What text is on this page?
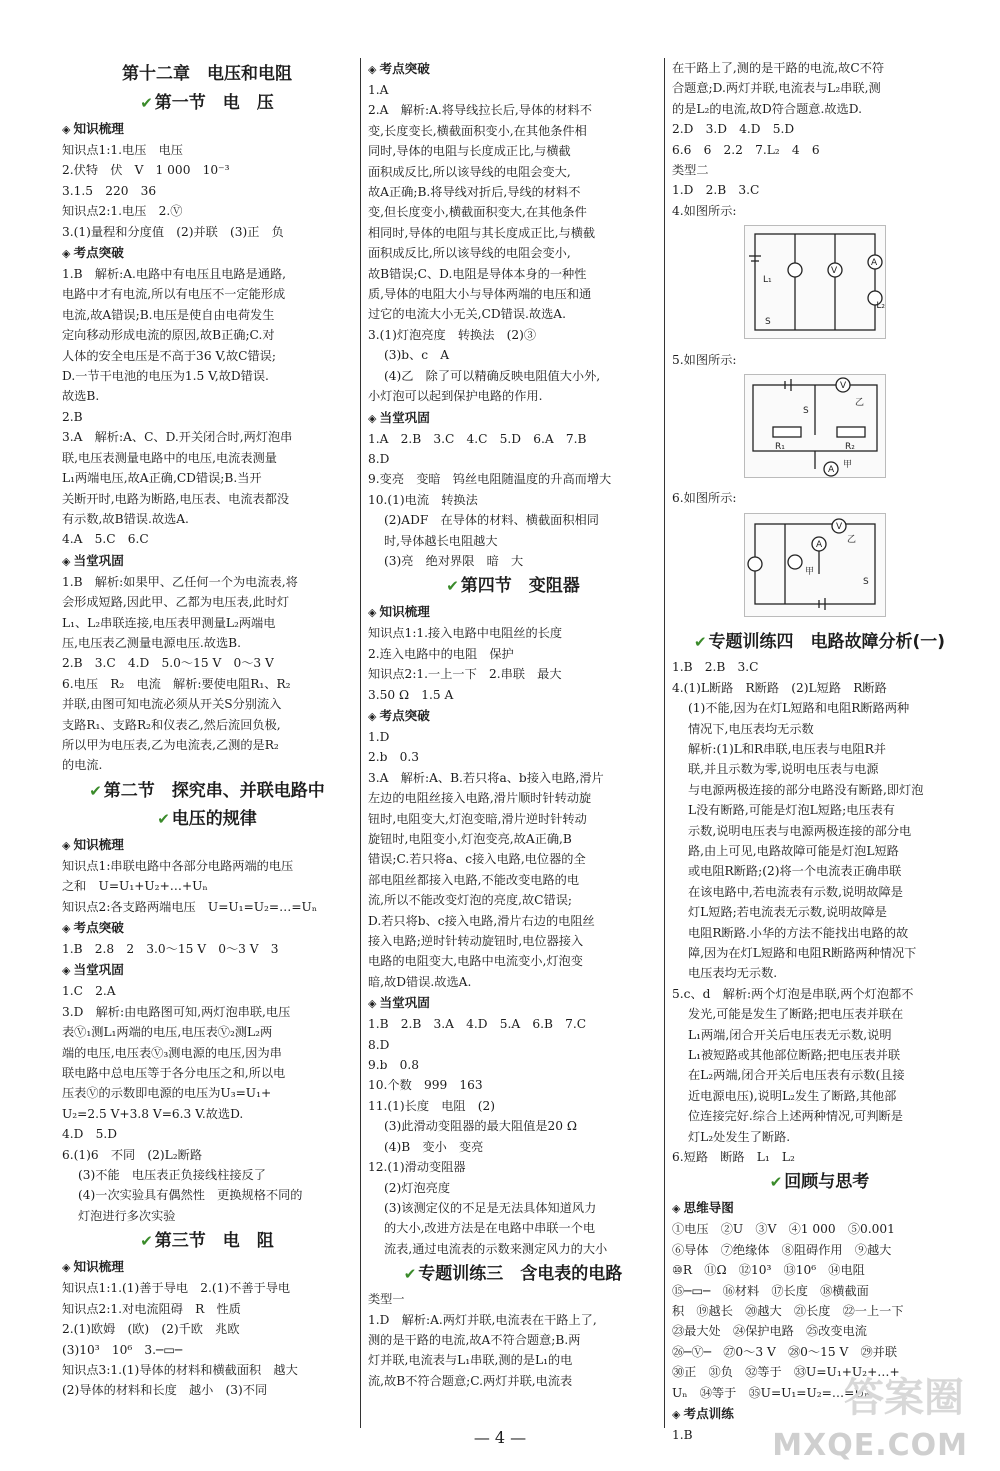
第十二章　电压和电阻
✔ 第一节　电　压
◈ 知识梳理
知识点1:1.电压　电压
2.伏特　伏　V　1 000　10⁻³
3.1.5　220　36
知识点2:1.电压　2.Ⓥ
3.(1)量程和分度值　(2)并联　(3)正　负
◈ 考点突破
1.B　解析:A.电路中有电压且电路是通路,
电路中才有电流,所以有电压不一定能形成
电流,故A错误;B.电压是使自由电荷发生
定向移动形成电流的原因,故B正确;C.对
人体的安全电压是不高于36 V,故C错误;
D.一节干电池的电压为1.5 V,故D错误.
故选B.
2.B
3.A　解析:A、C、D.开关闭合时,两灯泡串
联,电压表测量电路中的电压,电流表测量
L₁两端电压,故A正确,CD错误;B.当开
关断开时,电路为断路,电压表、电流表都没
有示数,故B错误.故选A.
4.A　5.C　6.C
◈ 当堂巩固
1.B　解析:如果甲、乙任何一个为电流表,将
会形成短路,因此甲、乙都为电压表,此时灯
L₁、L₂串联连接,电压表甲测量L₂两端电
压,电压表乙测量电源电压.故选B.
2.B　3.C　4.D　5.0～15 V　0～3 V
6.电压　R₂　电流　解析:要使电阻R₁、R₂
并联,由图可知电流必须从开关S分别流入
支路R₁、支路R₂和仪表乙,然后流回负极,
所以甲为电压表,乙为电流表,乙测的是R₂
的电流.
✔ 第二节　探究串、并联电路中
✔ 电压的规律
◈ 知识梳理
知识点1:串联电路中各部分电路两端的电压
之和　U=U₁+U₂+…+Uₙ
知识点2:各支路两端电压　U=U₁=U₂=…=Uₙ
◈ 考点突破
1.B　2.8　2　3.0～15 V　0～3 V　3
◈ 当堂巩固
1.C　2.A
3.D　解析:由电路图可知,两灯泡串联,电压
表Ⓥ₁测L₁两端的电压,电压表Ⓥ₂测L₂两
端的电压,电压表Ⓥ₃测电源的电压,因为串
联电路中总电压等于各分电压之和,所以电
压表Ⓥ的示数即电源的电压为U₃=U₁+
U₂=2.5 V+3.8 V=6.3 V.故选D.
4.D　5.D
6.(1)6　不同　(2)L₂断路
(3)不能　电压表正负接线柱接反了
(4)一次实验具有偶然性　更换规格不同的
灯泡进行多次实验
✔ 第三节　电　阻
◈ 知识梳理
知识点1:1.(1)善于导电　2.(1)不善于导电
知识点2:1.对电流阻碍　R　性质
2.(1)欧姆　(欧)　(2)千欧　兆欧
(3)10³　10⁶　3.─▭─
知识点3:1.(1)导体的材料和横截面积　越大
(2)导体的材料和长度　越小　(3)不同
◈ 考点突破
1.A
2.A　解析:A.将导线拉长后,导体的材料不
变,长度变长,横截面积变小,在其他条件相
同时,导体的电阻与长度成正比,与横截
面积成反比,所以该导线的电阻会变大,
故A正确;B.将导线对折后,导线的材料不
变,但长度变小,横截面积变大,在其他条件
相同时,导体的电阻与其长度成正比,与横截
面积成反比,所以该导线的电阻会变小,
故B错误;C、D.电阻是导体本身的一种性
质,导体的电阻大小与导体两端的电压和通
过它的电流大小无关,CD错误.故选A.
3.(1)灯泡亮度　转换法　(2)③
(3)b、c　A
(4)乙　除了可以精确反映电阻值大小外,
小灯泡可以起到保护电路的作用.
◈ 当堂巩固
1.A　2.B　3.C　4.C　5.D　6.A　7.B
8.D
9.变亮　变暗　钨丝电阻随温度的升高而增大
10.(1)电流　转换法
(2)ADF　在导体的材料、横截面积相同
时,导体越长电阻越大
(3)亮　绝对界限　暗　大
✔ 第四节　变阻器
◈ 知识梳理
知识点1:1.接入电路中电阻丝的长度
2.连入电路中的电阻　保护
知识点2:1.一上一下　2.串联　最大
3.50 Ω　1.5 A
◈ 考点突破
1.D
2.b　0.3
3.A　解析:A、B.若只将a、b接入电路,滑片
左边的电阻丝接入电路,滑片顺时针转动旋
钮时,电阻变大,灯泡变暗,滑片逆时针转动
旋钮时,电阻变小,灯泡变亮,故A正确,B
错误;C.若只将a、c接入电路,电位器的全
部电阻丝都接入电路,不能改变电路的电
流,所以不能改变灯泡的亮度,故C错误;
D.若只将b、c接入电路,滑片右边的电阻丝
接入电路;逆时针转动旋钮时,电位器接入
电路的电阻变大,电路中电流变小,灯泡变
暗,故D错误.故选A.
◈ 当堂巩固
1.B　2.B　3.A　4.D　5.A　6.B　7.C
8.D
9.b　0.8
10.个数　999　163
11.(1)长度　电阻　(2)
(3)此滑动变阻器的最大阻值是20 Ω
(4)B　变小　变亮
12.(1)滑动变阻器
(2)灯泡亮度
(3)该测定仪的不足是无法具体知道风力
的大小,改进方法是在电路中串联一个电
流表,通过电流表的示数来测定风力的大小
✔ 专题训练三　含电表的电路
类型一
1.D　解析:A.两灯并联,电流表在干路上了,
测的是干路的电流,故A不符合题意;B.两
灯并联,电流表与L₁串联,测的是L₁的电
流,故B不符合题意;C.两灯并联,电流表
在干路上了,测的是干路的电流,故C不符
合题意;D.两灯并联,电流表与L₂串联,测
的是L₂的电流,故D符合题意.故选D.
2.D　3.D　4.D　5.D
6.6　6　2.2　7.L₂　4　6
类型二
1.D　2.B　3.C
4.如图所示:
L₁
V
A
S
L₂
5.如图所示:
V
乙
S
R₁	R₂
A 甲
6.如图所示:
V
乙
甲
A
S
✔ 专题训练四　电路故障分析(一)
1.B　2.B　3.C
4.(1)L断路　R断路　(2)L短路　R断路
(1)不能,因为在灯L短路和电阻R断路两种
情况下,电压表均无示数
解析:(1)L和R串联,电压表与电阻R并
联,并且示数为零,说明电压表与电源
与电源两极连接的部分电路没有断路,即灯泡
L没有断路,可能是灯泡L短路;电压表有
示数,说明电压表与电源两极连接的部分电
路,由上可见,电路故障可能是灯泡L短路
或电阻R断路;(2)将一个电流表正确串联
在该电路中,若电流表有示数,说明故障是
灯L短路;若电流表无示数,说明故障是
电阻R断路.小华的方法不能找出电路的故
障,因为在灯L短路和电阻R断路两种情况下
电压表均无示数.
5.c、d　解析:两个灯泡是串联,两个灯泡都不
发光,可能是发生了断路;把电压表并联在
L₁两端,闭合开关后电压表无示数,说明
L₁被短路或其他部位断路;把电压表并联
在L₂两端,闭合开关后电压表有示数(且接
近电源电压),说明L₂发生了断路,其他部
位连接完好.综合上述两种情况,可判断是
灯L₂处发生了断路.
6.短路　断路　L₁　L₂
✔ 回顾与思考
◈ 思维导图
①电压　②U　③V　④1 000　⑤0.001
⑥导体　⑦绝缘体　⑧阻碍作用　⑨越大
⑩R　⑪Ω　⑫10³　⑬10⁶　⑭电阻
⑮─▭─　⑯材料　⑰长度　⑱横截面
积　⑲越长　⑳越大　㉑长度　㉒一上一下
㉓最大处　㉔保护电路　㉕改变电流
㉖─Ⓥ─　㉗0～3 V　㉘0～15 V　㉙并联
㉚正　㉛负　㉜等于　㉝U=U₁+U₂+…+
Uₙ　㉞等于　㉟U=U₁=U₂=…=Uₙ
◈ 考点训练
1.B
— 4 —
答案圈
MXQE.COM
